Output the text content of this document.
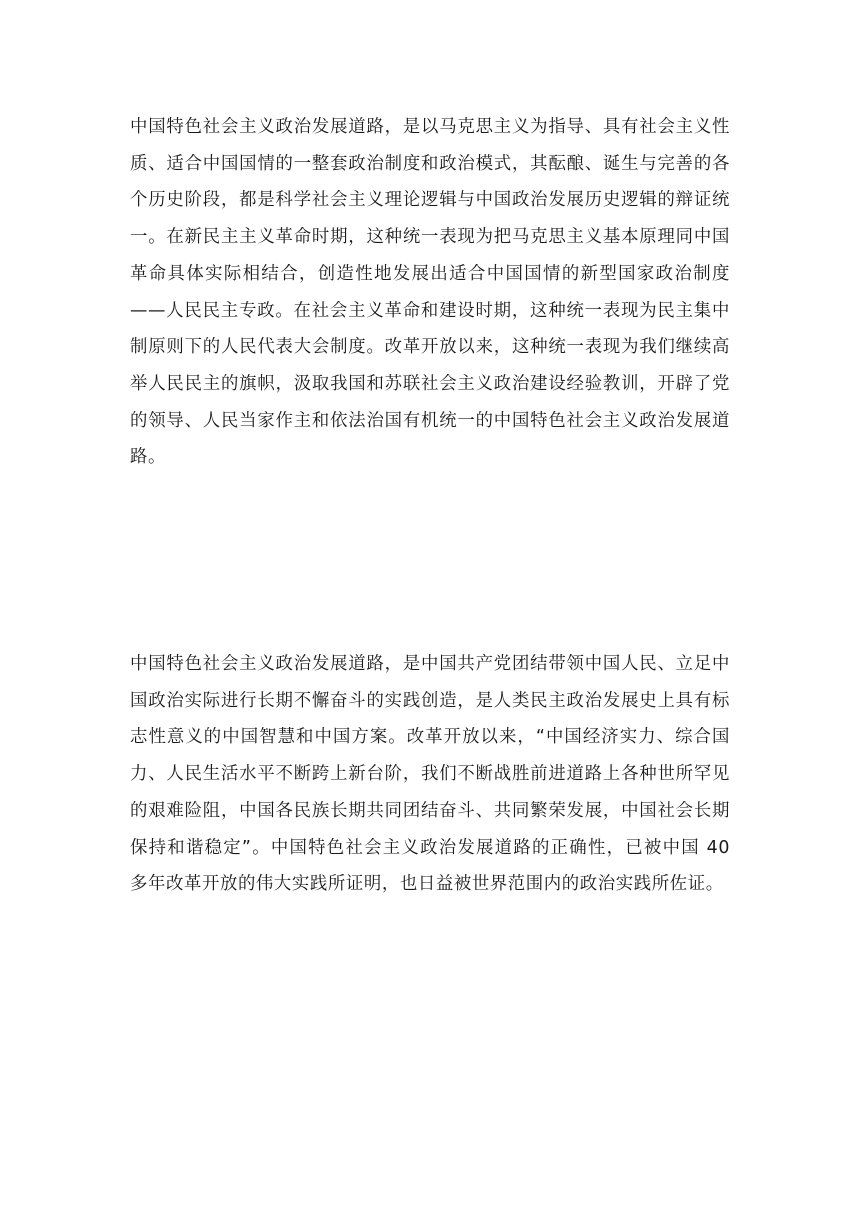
中国特色社会主义政治发展道路，是以马克思主义为指导、具有社会主义性质、适合中国国情的一整套政治制度和政治模式，其酝酿、诞生与完善的各个历史阶段，都是科学社会主义理论逻辑与中国政治发展历史逻辑的辩证统一。在新民主主义革命时期，这种统一表现为把马克思主义基本原理同中国革命具体实际相结合，创造性地发展出适合中国国情的新型国家政治制度——人民民主专政。在社会主义革命和建设时期，这种统一表现为民主集中制原则下的人民代表大会制度。改革开放以来，这种统一表现为我们继续高举人民民主的旗帜，汲取我国和苏联社会主义政治建设经验教训，开辟了党的领导、人民当家作主和依法治国有机统一的中国特色社会主义政治发展道路。

中国特色社会主义政治发展道路，是中国共产党团结带领中国人民、立足中国政治实际进行长期不懈奋斗的实践创造，是人类民主政治发展史上具有标志性意义的中国智慧和中国方案。改革开放以来，“中国经济实力、综合国力、人民生活水平不断跨上新台阶，我们不断战胜前进道路上各种世所罕见的艰难险阻，中国各民族长期共同团结奋斗、共同繁荣发展，中国社会长期保持和谐稳定”。中国特色社会主义政治发展道路的正确性，已被中国 40 多年改革开放的伟大实践所证明，也日益被世界范围内的政治实践所佐证。
